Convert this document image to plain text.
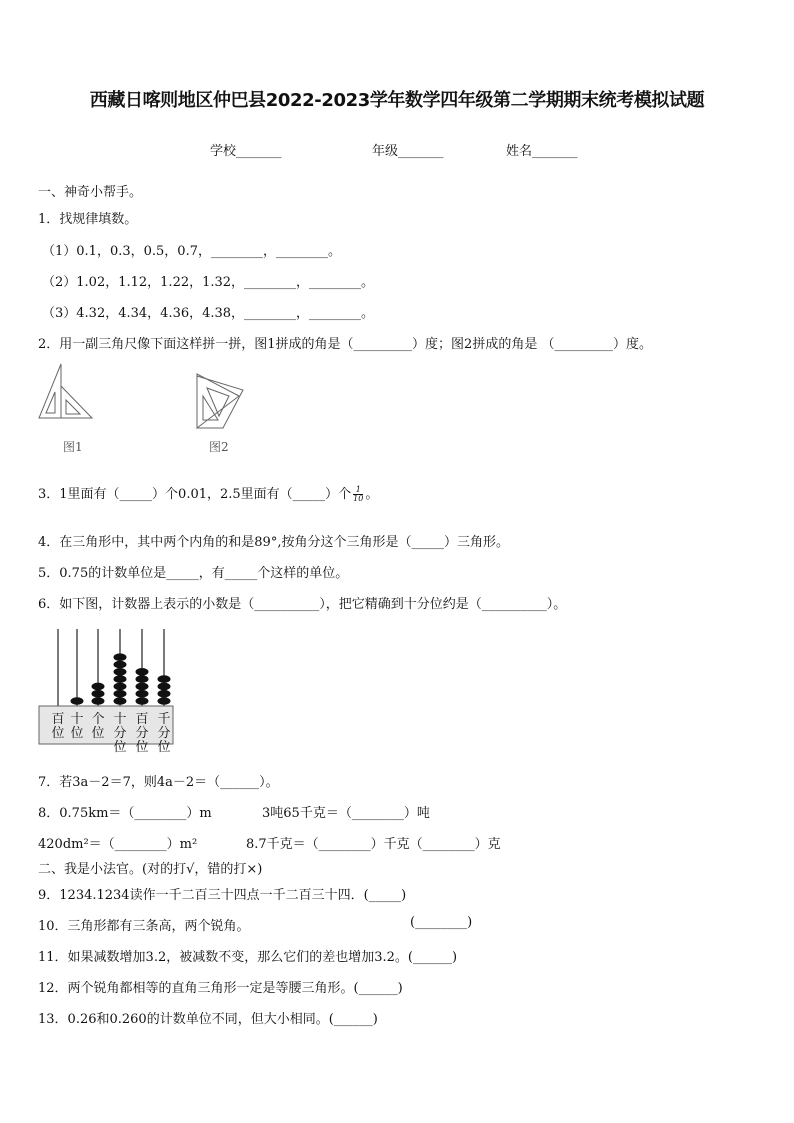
西藏日喀则地区仲巴县2022-2023学年数学四年级第二学期期末统考模拟试题
学校_______	年级_______	姓名_______
一、神奇小帮手。
1．找规律填数。
（1）0.1，0.3，0.5，0.7，________，________。
（2）1.02，1.12，1.22，1.32，________，________。
（3）4.32，4.34，4.36，4.38，________，________。
2．用一副三角尺像下面这样拼一拼，图1拼成的角是（_________）度；图2拼成的角是 （_________）度。
图1	图2
3．1里面有（_____）个0.01，2.5里面有（_____）个 $\frac{1}{10}$ 。
4．在三角形中，其中两个内角的和是89°,按角分这个三角形是（_____）三角形。
5．0.75的计数单位是_____，有_____个这样的单位。
6．如下图，计数器上表示的小数是（__________），把它精确到十分位约是（__________）。
百
位
十
位
个
位
十
分
位
百
分
位
千
分
位
7．若3a－2＝7，则4a－2＝（______）。
8．0.75km＝（________）m	3吨65千克＝（________）吨
420dm²＝（________）m²	8.7千克＝（________）千克（________）克
二、我是小法官。(对的打√，错的打×)
9．1234.1234读作一千二百三十四点一千二百三十四．(_____)
10．三角形都有三条高，两个锐角。	(________)
11．如果减数增加3.2，被减数不变，那么它们的差也增加3.2。(______)
12．两个锐角都相等的直角三角形一定是等腰三角形。(______)
13．0.26和0.260的计数单位不同，但大小相同。(______)
